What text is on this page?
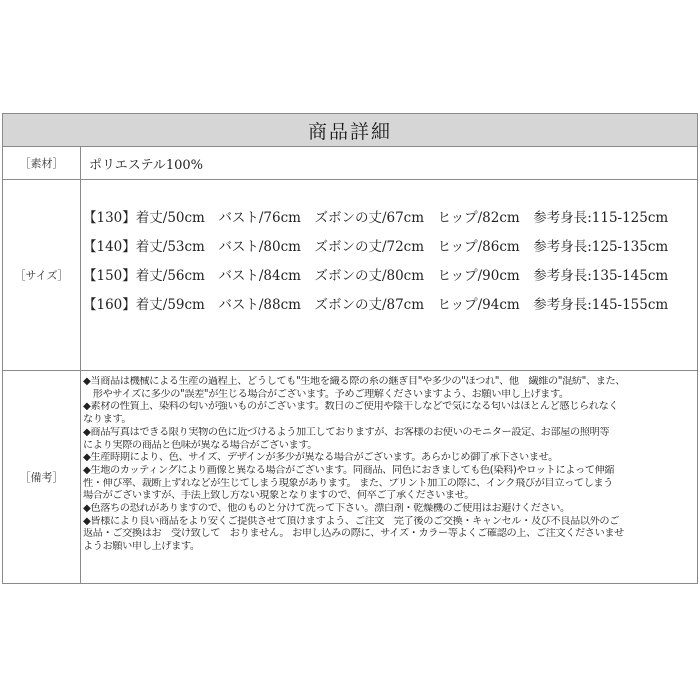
商品詳細
［素材］	ポリエステル100%
［サイズ］
【130】着丈/50cm　バスト/76cm　ズボンの丈/67cm　ヒップ/82cm　参考身長:115-125cm
【140】着丈/53cm　バスト/80cm　ズボンの丈/72cm　ヒップ/86cm　参考身長:125-135cm
【150】着丈/56cm　バスト/84cm　ズボンの丈/80cm　ヒップ/90cm　参考身長:135-145cm
【160】着丈/59cm　バスト/88cm　ズボンの丈/87cm　ヒップ/94cm　参考身長:145-155cm
［備考］
◆当商品は機械による生産の過程上、どうしても"生地を織る際の糸の継ぎ目"や多少の"ほつれ"、他　繊維の"混紡"、また、
　形やサイズに多少の"誤差"が生じる場合がございます。予めご理解くださいますよう、お願い申し上げます。
◆素材の性質上、染料の匂いが強いものがございます。数日のご使用や陰干しなどで気になる匂いはほとんど感じられなく
なります。
◆商品写真はできる限り実物の色に近づけるよう加工しておりますが、お客様のお使いのモニター設定、お部屋の照明等
により実際の商品と色味が異なる場合がございます。
◆生産時期により、色、サイズ、デザインが多少が異なる場合がございます。あらかじめ御了承下さいませ。
◆生地のカッティングにより画像と異なる場合がございます。同商品、同色におきましても色(染料)やロットによって伸縮
性・伸び率、裁断上ずれなどが生じてしまう現象があります。 また、プリント加工の際に、インク飛びが目立ってしまう
場合がございますが、手法上致し方ない現象となりますので、何卒ご了承くださいませ。
◆色落ちの恐れがありますので、他のものと分けて洗って下さい。漂白剤・乾燥機のご使用はお避けください。
◆皆様により良い商品をより安くご提供させて頂けますよう、ご注文　完了後のご交換・キャンセル・及び不良品以外のご
返品・ご交換はお　受け致して　おりません。 お申し込みの際に、サイズ・カラー等よくご確認の上、ご注文くださいませ
ようお願い申し上げます。
